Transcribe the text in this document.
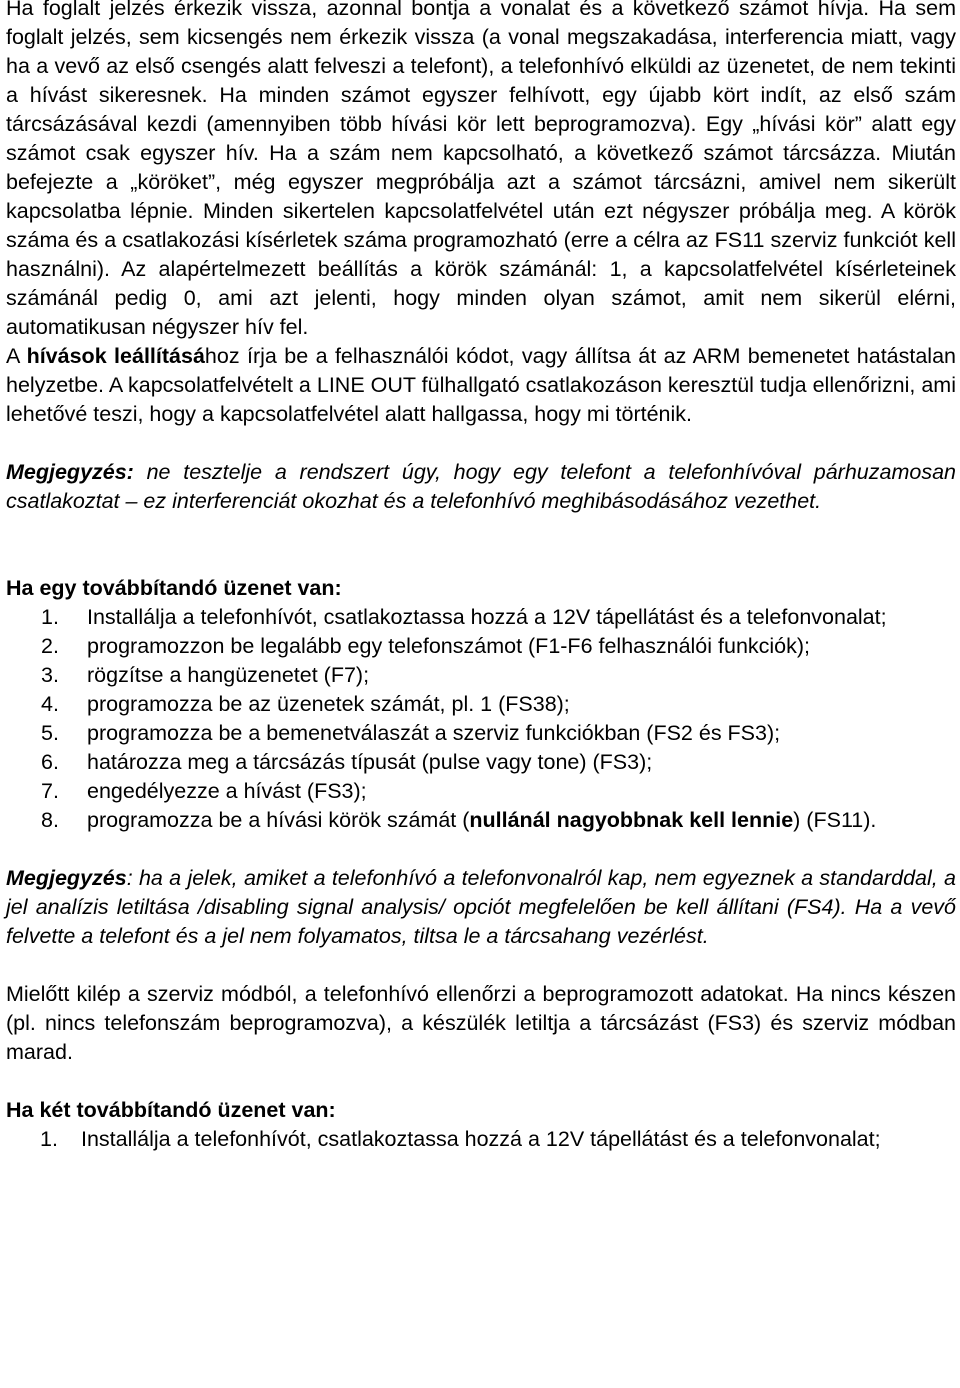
Ha foglalt jelzés érkezik vissza, azonnal bontja a vonalat és a következő számot hívja. Ha sem foglalt jelzés, sem kicsengés nem érkezik vissza (a vonal megszakadása, interferencia miatt, vagy ha a vevő az első csengés alatt felveszi a telefont), a telefonhívó elküldi az üzenetet, de nem tekinti a hívást sikeresnek. Ha minden számot egyszer felhívott, egy újabb kört indít, az első szám tárcsázásával kezdi (amennyiben több hívási kör lett beprogramozva). Egy „hívási kör” alatt egy számot csak egyszer hív. Ha a szám nem kapcsolható, a következő számot tárcsázza. Miután befejezte a „köröket”, még egyszer megpróbálja azt a számot tárcsázni, amivel nem sikerült kapcsolatba lépnie. Minden sikertelen kapcsolatfelvétel után ezt négyszer próbálja meg. A körök száma és a csatlakozási kísérletek száma programozható (erre a célra az FS11 szerviz funkciót kell használni). Az alapértelmezett beállítás a körök számánál: 1, a kapcsolatfelvétel kísérleteinek számánál pedig 0, ami azt jelenti, hogy minden olyan számot, amit nem sikerül elérni, automatikusan négyszer hív fel.

A hívások leállításához írja be a felhasználói kódot, vagy állítsa át az ARM bemenetet hatástalan helyzetbe. A kapcsolatfelvételt a LINE OUT fülhallgató csatlakozáson keresztül tudja ellenőrizni, ami lehetővé teszi, hogy a kapcsolatfelvétel alatt hallgassa, hogy mi történik.

Megjegyzés: ne tesztelje a rendszert úgy, hogy egy telefont a telefonhívóval párhuzamosan csatlakoztat – ez interferenciát okozhat és a telefonhívó meghibásodásához vezethet.

Ha egy továbbítandó üzenet van:

1. Installálja a telefonhívót, csatlakoztassa hozzá a 12V tápellátást és a telefonvonalat;
2. programozzon be legalább egy telefonszámot (F1-F6 felhasználói funkciók);
3. rögzítse a hangüzenetet (F7);
4. programozza be az üzenetek számát, pl. 1 (FS38);
5. programozza be a bemenetválaszát a szerviz funkciókban (FS2 és FS3);
6. határozza meg a tárcsázás típusát (pulse vagy tone) (FS3);
7. engedélyezze a hívást (FS3);
8. programozza be a hívási körök számát (nullánál nagyobbnak kell lennie) (FS11).

Megjegyzés: ha a jelek, amiket a telefonhívó a telefonvonalról kap, nem egyeznek a standarddal, a jel analízis letiltása /disabling signal analysis/ opciót megfelelően be kell állítani (FS4). Ha a vevő felvette a telefont és a jel nem folyamatos, tiltsa le a tárcsahang vezérlést.

Mielőtt kilép a szerviz módból, a telefonhívó ellenőrzi a beprogramozott adatokat. Ha nincs készen (pl. nincs telefonszám beprogramozva), a készülék letiltja a tárcsázást (FS3) és szerviz módban marad.

Ha két továbbítandó üzenet van:

1. Installálja a telefonhívót, csatlakoztassa hozzá a 12V tápellátást és a telefonvonalat;
